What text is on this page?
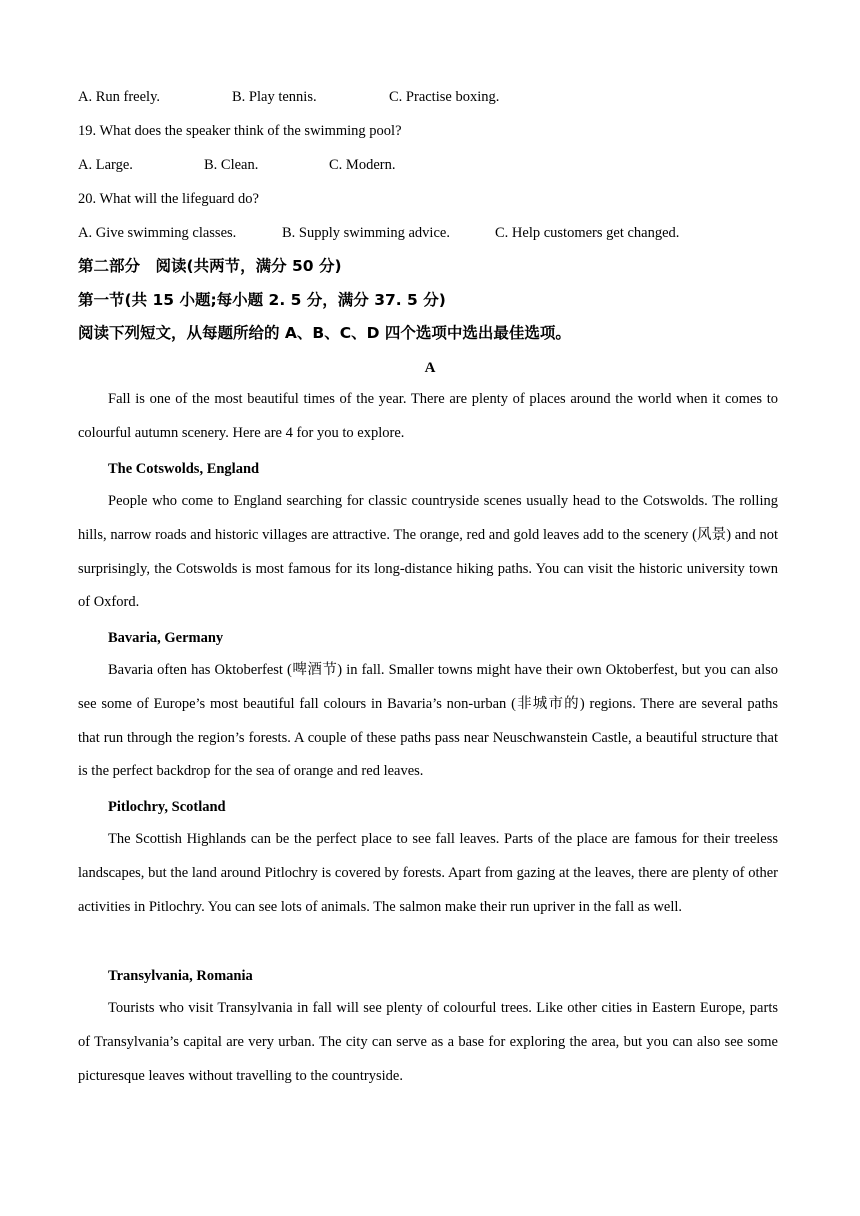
A. Run freely.	B. Play tennis.	C. Practise boxing.
19. What does the speaker think of the swimming pool?
A. Large.	B. Clean.	C. Modern.
20. What will the lifeguard do?
A. Give swimming classes.	B. Supply swimming advice.	C. Help customers get changed.
第二部分　阅读(共两节，满分 50 分)
第一节(共 15 小题;每小题 2. 5 分，满分 37. 5 分)
阅读下列短文，从每题所给的 A、B、C、D 四个选项中选出最佳选项。
A

Fall is one of the most beautiful times of the year. There are plenty of places around the world when it comes to colourful autumn scenery. Here are 4 for you to explore.

The Cotswolds, England

People who come to England searching for classic countryside scenes usually head to the Cotswolds. The rolling hills, narrow roads and historic villages are attractive. The orange, red and gold leaves add to the scenery (风景) and not surprisingly, the Cotswolds is most famous for its long-distance hiking paths. You can visit the historic university town of Oxford.

Bavaria, Germany

Bavaria often has Oktoberfest (啤酒节) in fall. Smaller towns might have their own Oktoberfest, but you can also see some of Europe’s most beautiful fall colours in Bavaria’s non-urban (非城市的) regions. There are several paths that run through the region’s forests. A couple of these paths pass near Neuschwanstein Castle, a beautiful structure that is the perfect backdrop for the sea of orange and red leaves.

Pitlochry, Scotland

The Scottish Highlands can be the perfect place to see fall leaves. Parts of the place are famous for their treeless landscapes, but the land around Pitlochry is covered by forests. Apart from gazing at the leaves, there are plenty of other activities in Pitlochry. You can see lots of animals. The salmon make their run upriver in the fall as well.

Transylvania, Romania

Tourists who visit Transylvania in fall will see plenty of colourful trees. Like other cities in Eastern Europe, parts of Transylvania’s capital are very urban. The city can serve as a base for exploring the area, but you can also see some picturesque leaves without travelling to the countryside.
